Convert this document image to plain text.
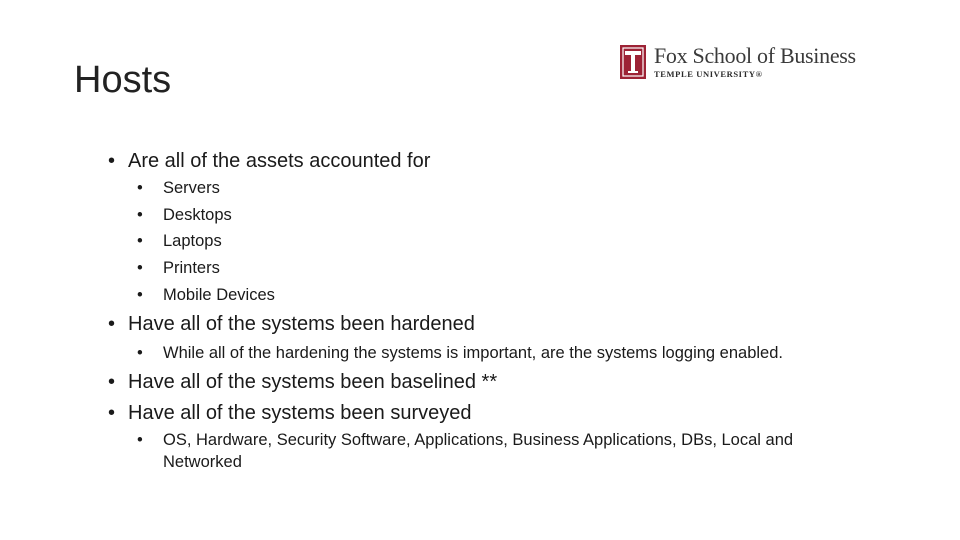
Hosts
Fox School of Business
TEMPLE UNIVERSITY®
• Are all of the assets accounted for
•	Servers
•	Desktops
•	Laptops
•	Printers
•	Mobile Devices
• Have all of the systems been hardened
•	While all of the hardening the systems is important, are the systems logging enabled.
• Have all of the systems been baselined **
• Have all of the systems been surveyed
•	OS, Hardware, Security Software, Applications, Business Applications, DBs, Local and Networked
